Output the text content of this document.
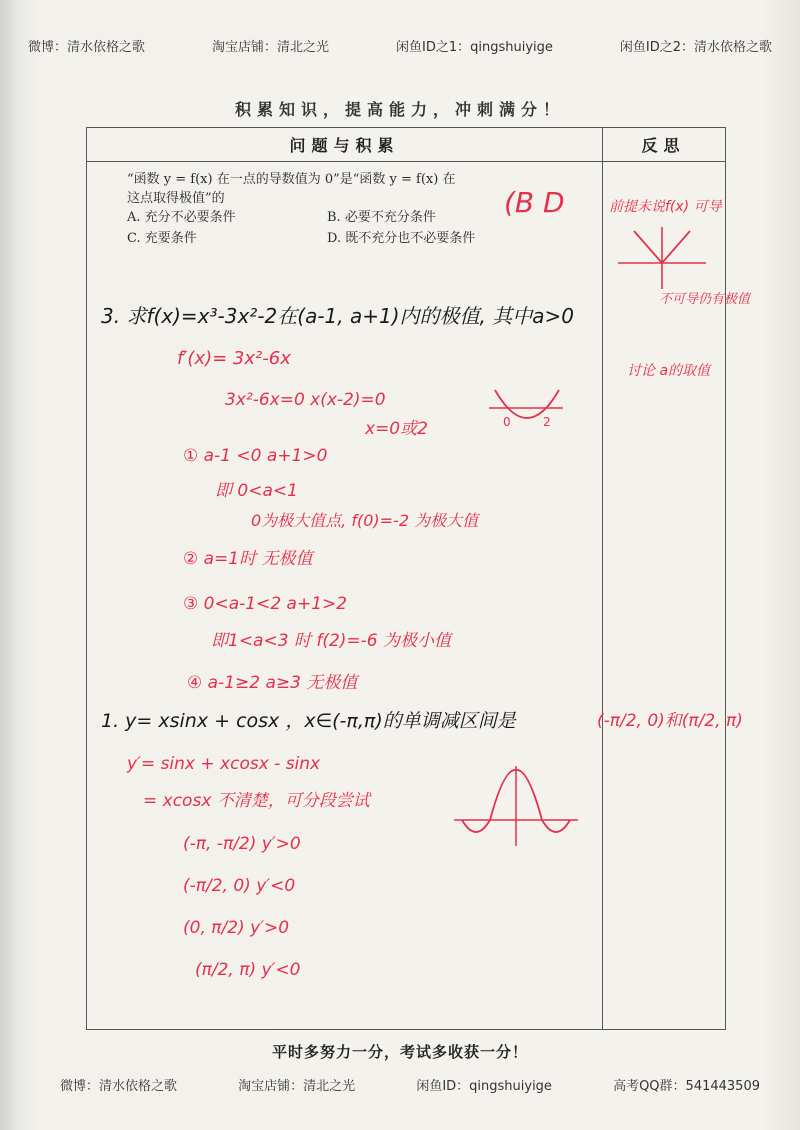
微博：清水依格之歌	淘宝店铺：清北之光	闲鱼ID之1：qingshuiyige	闲鱼ID之2：清水依格之歌
积累知识，提高能力，冲刺满分！
问题与积累	反思
“函数 y = f(x) 在一点的导数值为 0”是“函数 y = f(x) 在
这点取得极值”的
A. 充分不必要条件	B. 必要不充分条件
C. 充要条件	D. 既不充分也不必要条件
(B D	前提未说f(x) 可导
不可导仍有极值
讨论 a的取值
3. 求f(x)=x³-3x²-2在(a-1, a+1)内的极值, 其中a>0
f′(x)= 3x²-6x
3x²-6x=0 x(x-2)=0
x=0或2	0	2
① a-1 <0 a+1>0
即 0<a<1
0为极大值点, f(0)=-2 为极大值
② a=1时 无极值
③ 0<a-1<2 a+1>2
即1<a<3 时 f(2)=-6 为极小值
④ a-1≥2 a≥3 无极值
1. y= xsinx + cosx ，x∈(-π,π)的单调减区间是	(-π/2, 0)和(π/2, π)
y′= sinx + xcosx - sinx
= xcosx 不清楚，可分段尝试
(-π, -π/2) y′>0
(-π/2, 0) y′<0
(0, π/2) y′>0
(π/2, π) y′<0
平时多努力一分，考试多收获一分！
微博：清水依格之歌	淘宝店铺：清北之光	闲鱼ID：qingshuiyige	高考QQ群：541443509
